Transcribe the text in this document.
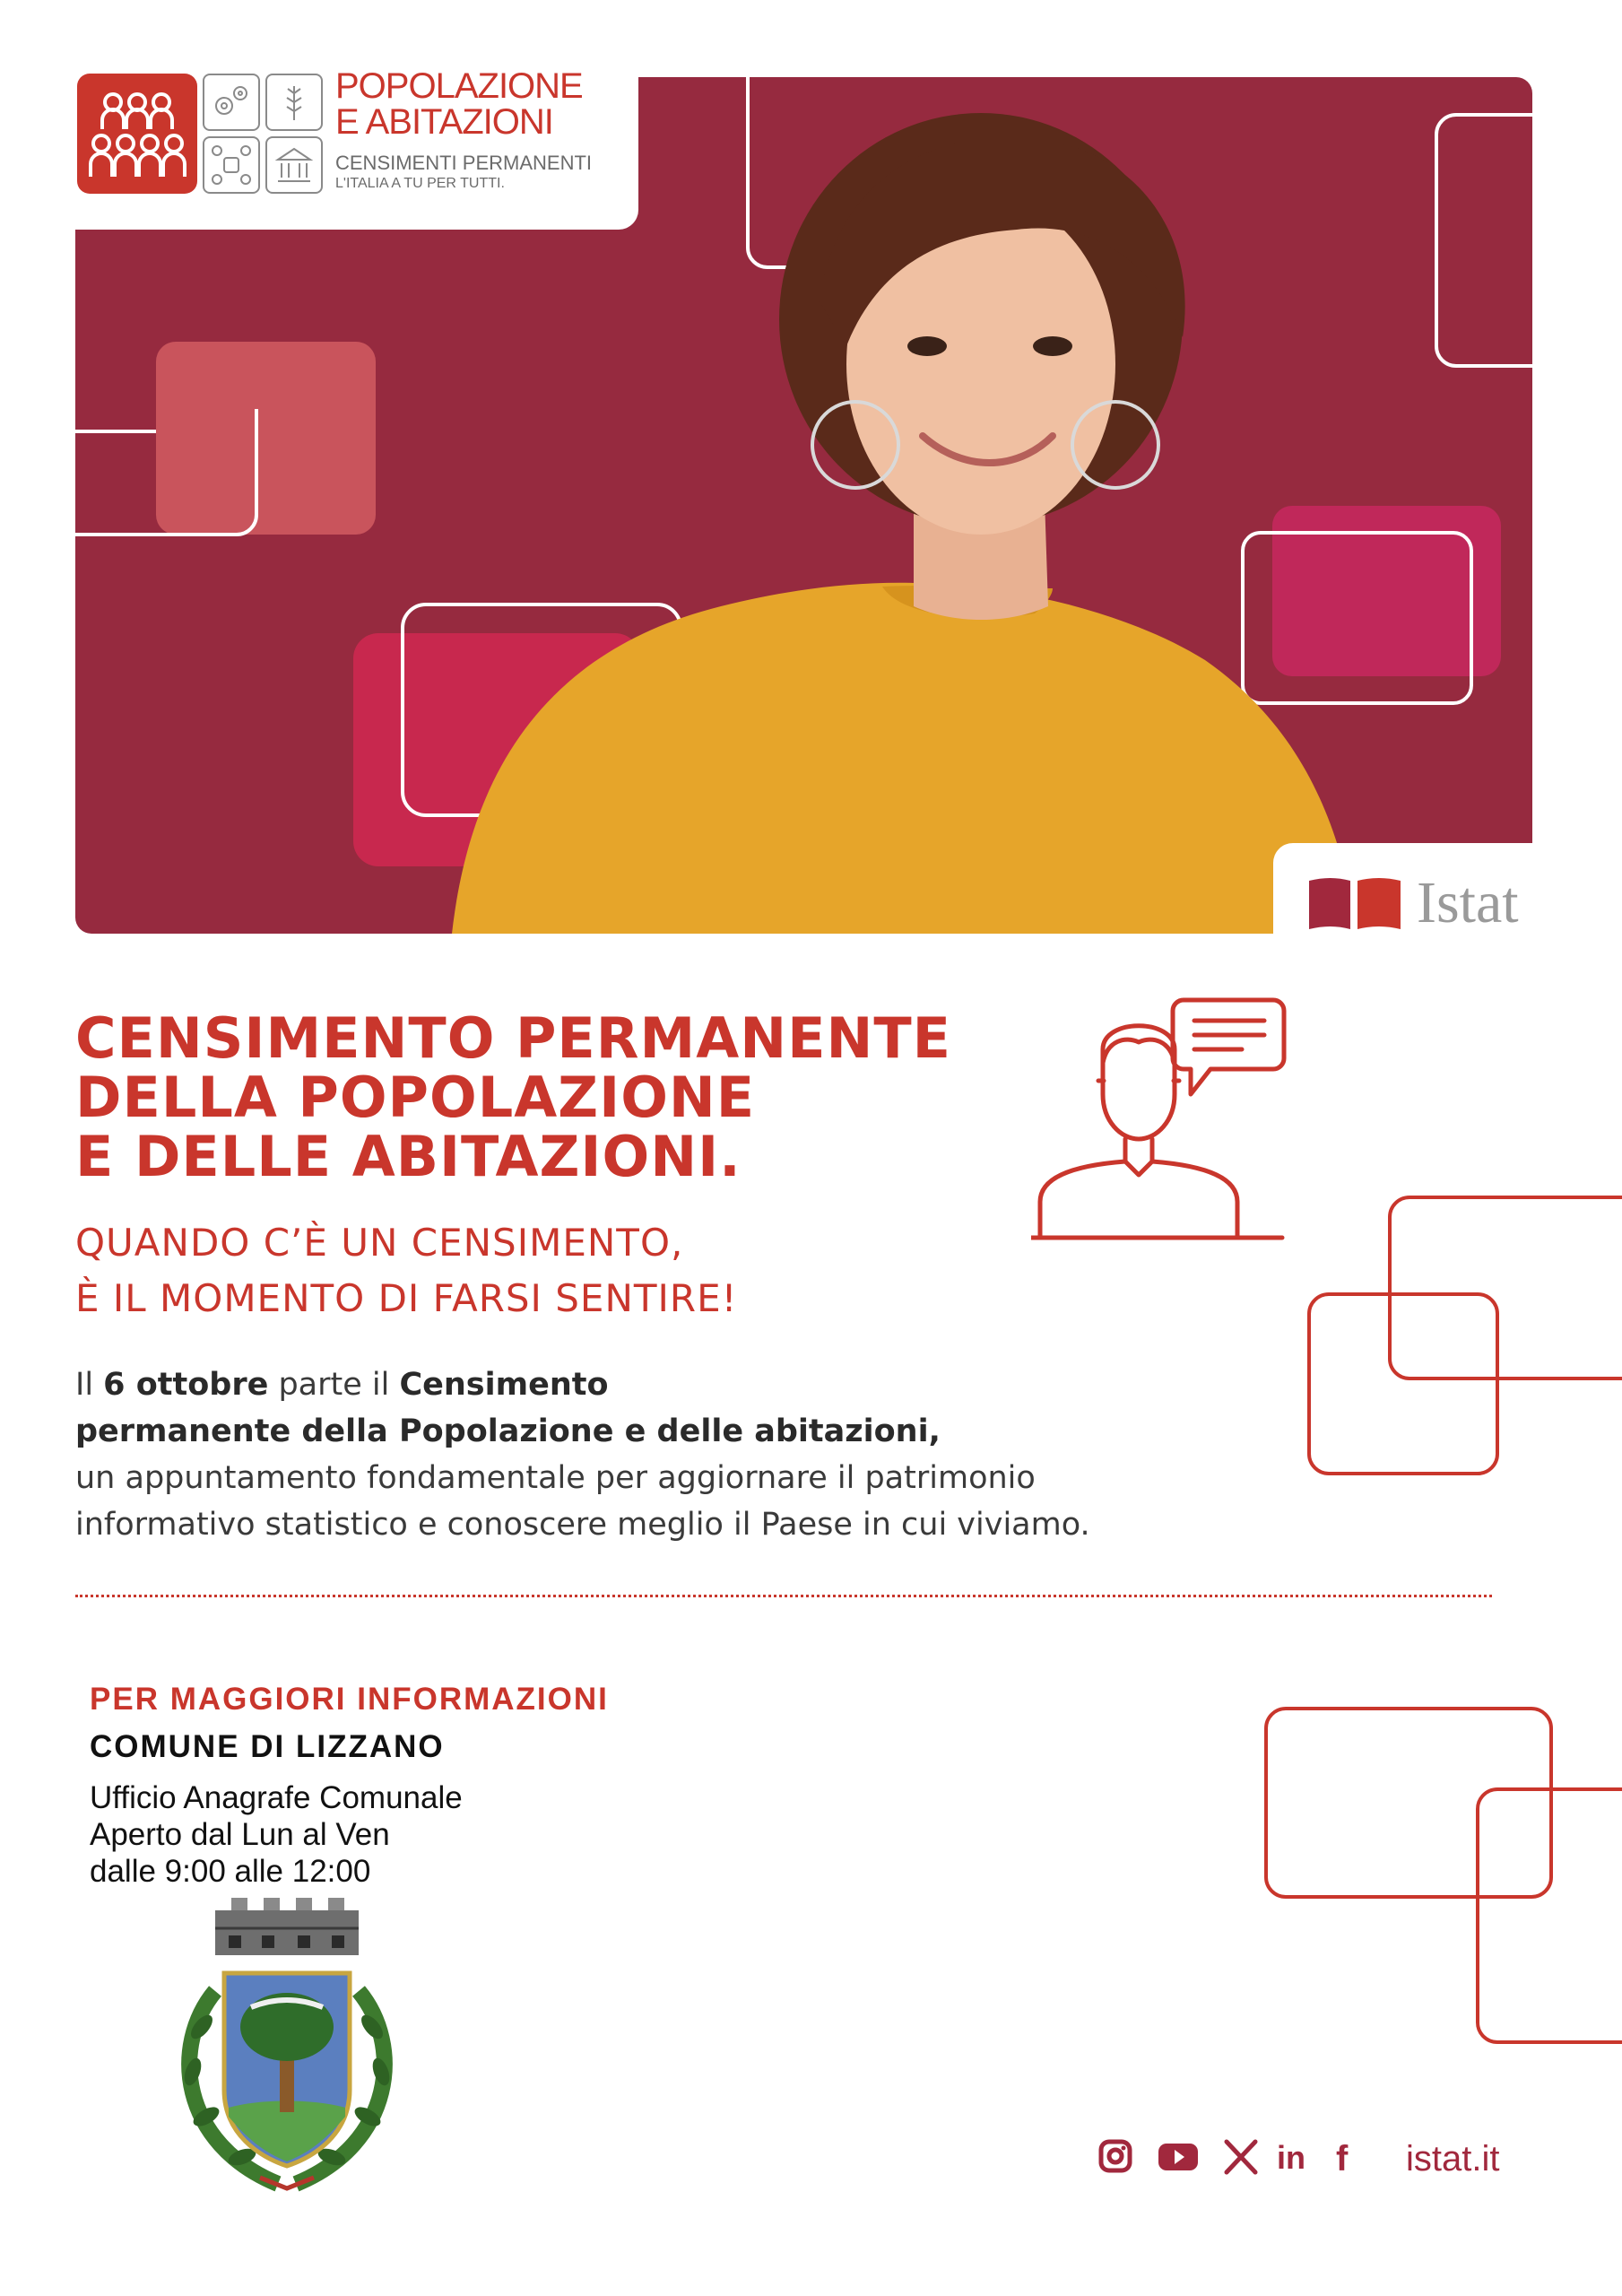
POPOLAZIONE
E ABITAZIONI
CENSIMENTI PERMANENTI
L'ITALIA A TU PER TUTTI.
Istat
CENSIMENTO PERMANENTE
DELLA POPOLAZIONE
E DELLE ABITAZIONI.
QUANDO C’È UN CENSIMENTO,
È IL MOMENTO DI FARSI SENTIRE!
Il 6 ottobre parte il Censimento
permanente della Popolazione e delle abitazioni,
un appuntamento fondamentale per aggiornare il patrimonio
informativo statistico e conoscere meglio il Paese in cui viviamo.
PER MAGGIORI INFORMAZIONI
COMUNE DI LIZZANO
Ufficio Anagrafe Comunale
Aperto dal Lun al Ven
dalle 9:00 alle 12:00
in f istat.it
